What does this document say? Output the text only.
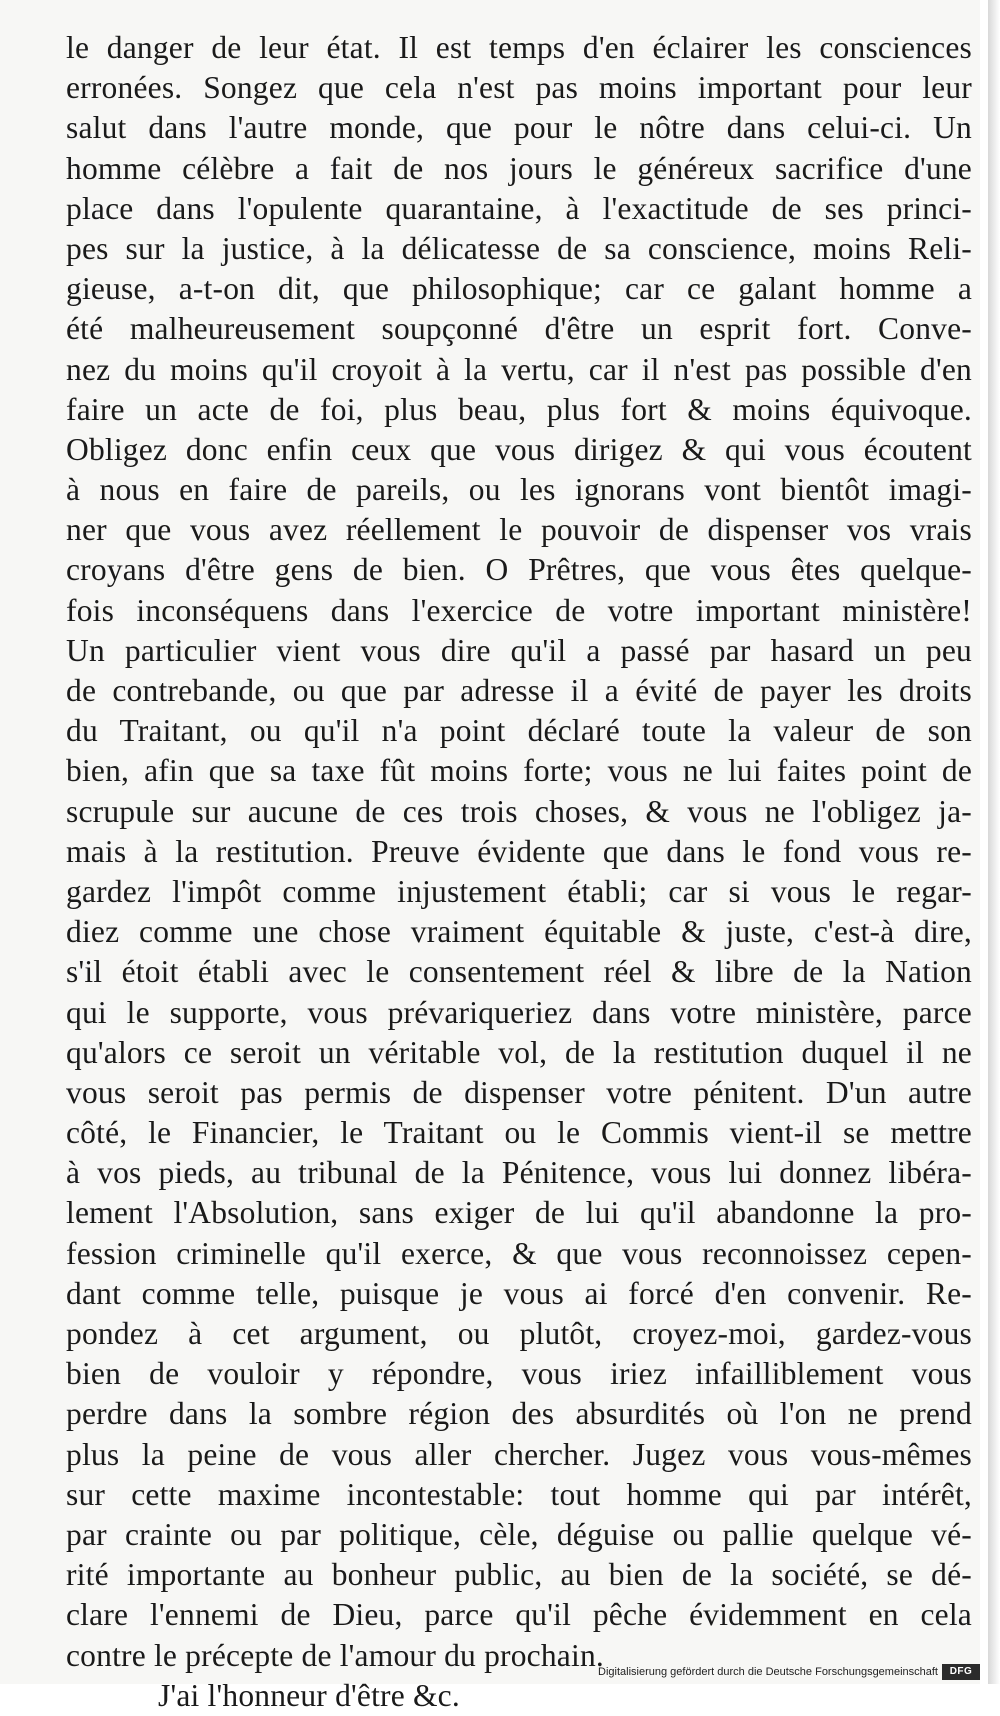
le danger de leur état. Il est temps d'en éclairer les consciences
erronées. Songez que cela n'est pas moins important pour leur
salut dans l'autre monde, que pour le nôtre dans celui-ci. Un
homme célèbre a fait de nos jours le généreux sacrifice d'une
place dans l'opulente quarantaine, à l'exactitude de ses princi-
pes sur la justice, à la délicatesse de sa conscience, moins Reli-
gieuse, a-t-on dit, que philosophique; car ce galant homme a
été malheureusement soupçonné d'être un esprit fort. Conve-
nez du moins qu'il croyoit à la vertu, car il n'est pas possible d'en
faire un acte de foi, plus beau, plus fort & moins équivoque.
Obligez donc enfin ceux que vous dirigez & qui vous écoutent
à nous en faire de pareils, ou les ignorans vont bientôt imagi-
ner que vous avez réellement le pouvoir de dispenser vos vrais
croyans d'être gens de bien. O Prêtres, que vous êtes quelque-
fois inconséquens dans l'exercice de votre important ministère!
Un particulier vient vous dire qu'il a passé par hasard un peu
de contrebande, ou que par adresse il a évité de payer les droits
du Traitant, ou qu'il n'a point déclaré toute la valeur de son
bien, afin que sa taxe fût moins forte; vous ne lui faites point de
scrupule sur aucune de ces trois choses, & vous ne l'obligez ja-
mais à la restitution. Preuve évidente que dans le fond vous re-
gardez l'impôt comme injustement établi; car si vous le regar-
diez comme une chose vraiment équitable & juste, c'est-à dire,
s'il étoit établi avec le consentement réel & libre de la Nation
qui le supporte, vous prévariqueriez dans votre ministère, parce
qu'alors ce seroit un véritable vol, de la restitution duquel il ne
vous seroit pas permis de dispenser votre pénitent. D'un autre
côté, le Financier, le Traitant ou le Commis vient-il se mettre
à vos pieds, au tribunal de la Pénitence, vous lui donnez libéra-
lement l'Absolution, sans exiger de lui qu'il abandonne la pro-
fession criminelle qu'il exerce, & que vous reconnoissez cepen-
dant comme telle, puisque je vous ai forcé d'en convenir. Re-
pondez à cet argument, ou plutôt, croyez-moi, gardez-vous
bien de vouloir y répondre, vous iriez infailliblement vous
perdre dans la sombre région des absurdités où l'on ne prend
plus la peine de vous aller chercher. Jugez vous vous-mêmes
sur cette maxime incontestable: tout homme qui par intérêt,
par crainte ou par politique, cèle, déguise ou pallie quelque vé-
rité importante au bonheur public, au bien de la société, se dé-
clare l'ennemi de Dieu, parce qu'il pêche évidemment en cela
contre le précepte de l'amour du prochain.
J'ai l'honneur d'être &c.
Digitalisierung gefördert durch die Deutsche Forschungsgemeinschaft	DFG
